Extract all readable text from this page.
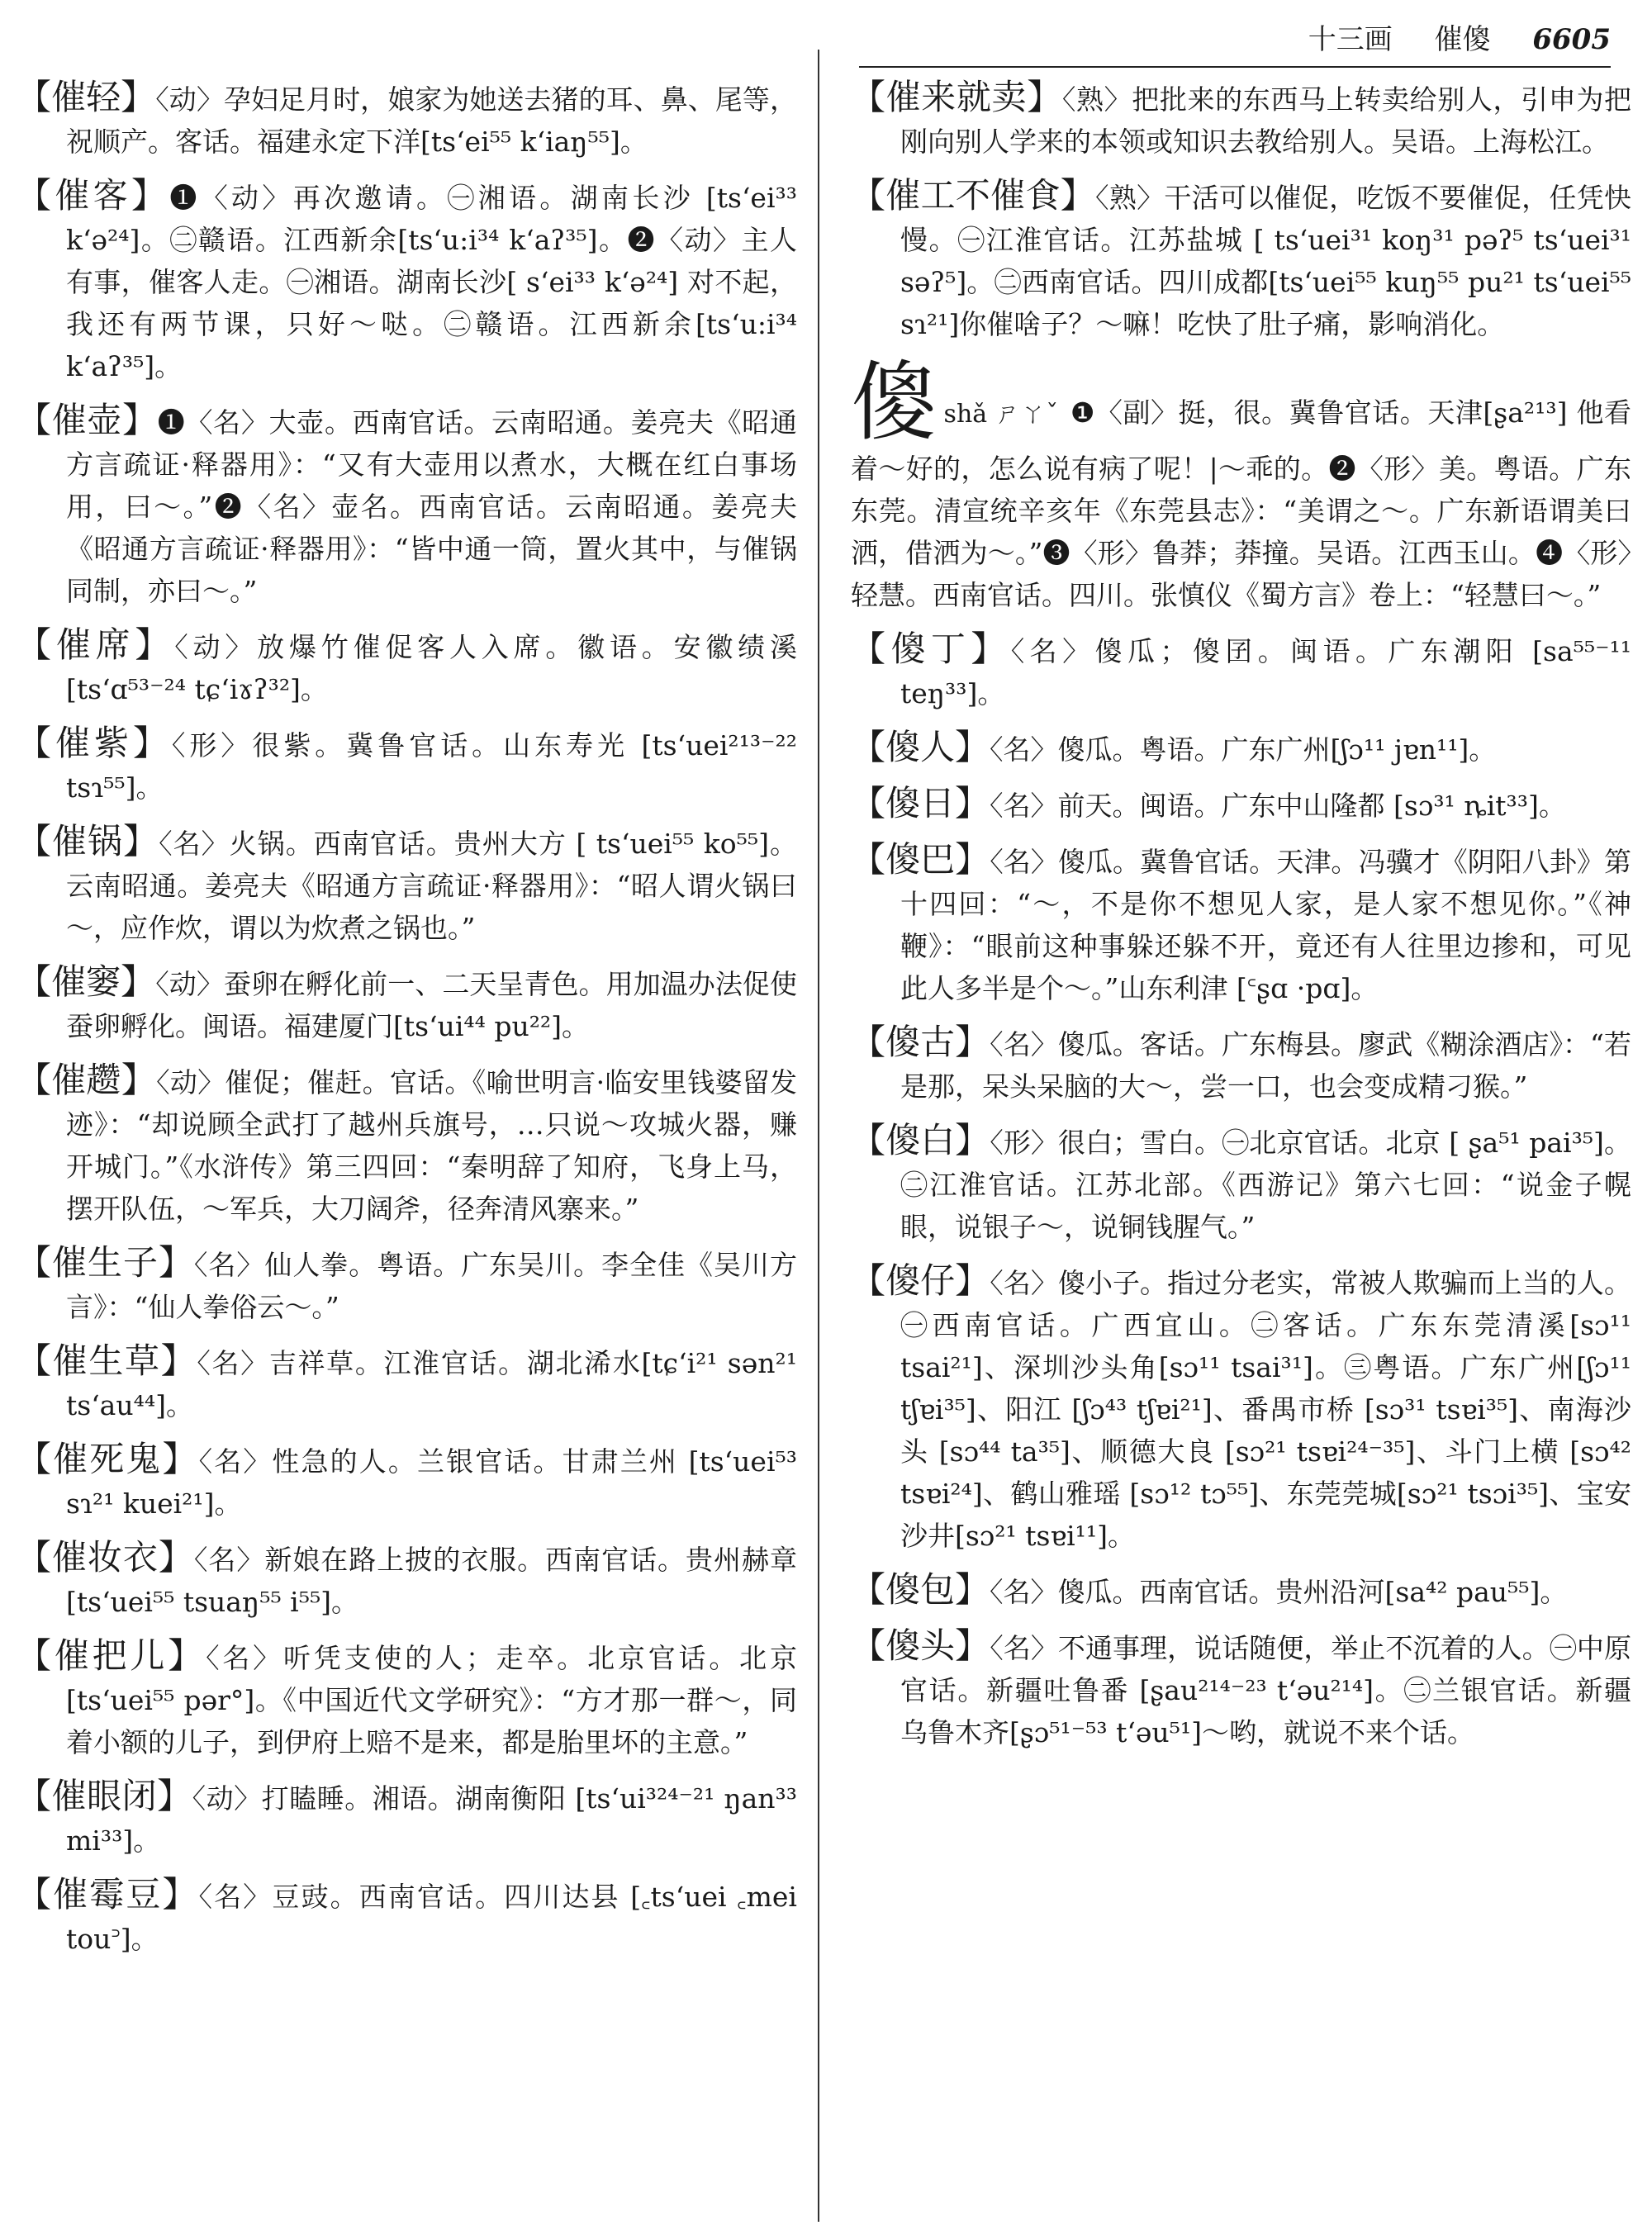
十三画 催傻 6605
【催轻】〈动〉孕妇足月时，娘家为她送去猪的耳、鼻、尾等，祝顺产。客话。福建永定下洋[ts‘ei⁵⁵ k‘iaŋ⁵⁵]。
【催客】❶〈动〉再次邀请。㊀湘语。湖南长沙 [ts‘ei³³ k‘ə²⁴]。㊁赣语。江西新余[ts‘u:i³⁴ k‘aʔ³⁵]。❷〈动〉主人有事，催客人走。㊀湘语。湖南长沙[ s‘ei³³ k‘ə²⁴] 对不起，我还有两节课，只好～哒。㊁赣语。江西新余[ts‘u:i³⁴ k‘aʔ³⁵]。
【催壶】❶〈名〉大壶。西南官话。云南昭通。姜亮夫《昭通方言疏证·释器用》：“又有大壶用以煮水，大概在红白事场用，曰～。”❷〈名〉壶名。西南官话。云南昭通。姜亮夫《昭通方言疏证·释器用》：“皆中通一筒，置火其中，与催锅同制，亦曰～。”
【催席】〈动〉放爆竹催促客人入席。徽语。安徽绩溪 [ts‘ɑ⁵³⁻²⁴ tɕ‘iɤʔ³²]。
【催紫】〈形〉很紫。冀鲁官话。山东寿光 [ts‘uei²¹³⁻²² tsɿ⁵⁵]。
【催锅】〈名〉火锅。西南官话。贵州大方 [ ts‘uei⁵⁵ ko⁵⁵]。云南昭通。姜亮夫《昭通方言疏证·释器用》：“昭人谓火锅曰～，应作炊，谓以为炊煮之锅也。”
【催窭】〈动〉蚕卵在孵化前一、二天呈青色。用加温办法促使蚕卵孵化。闽语。福建厦门[ts‘ui⁴⁴ pu²²]。
【催趱】〈动〉催促；催赶。官话。《喻世明言·临安里钱婆留发迹》：“却说顾全武打了越州兵旗号，…只说～攻城火器，赚开城门。”《水浒传》第三四回：“秦明辞了知府，飞身上马，摆开队伍，～军兵，大刀阔斧，径奔清风寨来。”
【催生子】〈名〉仙人拳。粤语。广东吴川。李全佳《吴川方言》：“仙人拳俗云～。”
【催生草】〈名〉吉祥草。江淮官话。湖北浠水[tɕ‘i²¹ sən²¹ ts‘au⁴⁴]。
【催死鬼】〈名〉性急的人。兰银官话。甘肃兰州 [ts‘uei⁵³ sɿ²¹ kuei²¹]。
【催妆衣】〈名〉新娘在路上披的衣服。西南官话。贵州赫章[ts‘uei⁵⁵ tsuaŋ⁵⁵ i⁵⁵]。
【催把儿】〈名〉听凭支使的人；走卒。北京官话。北京[ts‘uei⁵⁵ pər°]。《中国近代文学研究》：“方才那一群～，同着小额的儿子，到伊府上赔不是来，都是胎里坏的主意。”
【催眼闭】〈动〉打瞌睡。湘语。湖南衡阳 [ts‘ui³²⁴⁻²¹ ŋan³³ mi³³]。
【催霉豆】〈名〉豆豉。西南官话。四川达县 [꜀ts‘uei ꜀mei tou꜄]。
【催来就卖】〈熟〉把批来的东西马上转卖给别人，引申为把刚向别人学来的本领或知识去教给别人。吴语。上海松江。
【催工不催食】〈熟〉干活可以催促，吃饭不要催促，任凭快慢。㊀江淮官话。江苏盐城 [ ts‘uei³¹ koŋ³¹ pəʔ⁵ ts‘uei³¹ səʔ⁵]。㊁西南官话。四川成都[ts‘uei⁵⁵ kuŋ⁵⁵ pu²¹ ts‘uei⁵⁵ sɿ²¹]你催啥子？～嘛！吃快了肚子痛，影响消化。
傻shǎ ㄕㄚˇ ❶〈副〉挺，很。冀鲁官话。天津[ʂa²¹³] 他看着～好的，怎么说有病了呢！|～乖的。❷〈形〉美。粤语。广东东莞。清宣统辛亥年《东莞县志》：“美谓之～。广东新语谓美曰洒，借洒为～。”❸〈形〉鲁莽；莽撞。吴语。江西玉山。❹〈形〉轻慧。西南官话。四川。张慎仪《蜀方言》卷上：“轻慧曰～。”
【傻丁】〈名〉傻瓜；傻囝。闽语。广东潮阳 [sa⁵⁵⁻¹¹ teŋ³³]。
【傻人】〈名〉傻瓜。粤语。广东广州[ʃɔ¹¹ jɐn¹¹]。
【傻日】〈名〉前天。闽语。广东中山隆都 [sɔ³¹ ȵit³³]。
【傻巴】〈名〉傻瓜。冀鲁官话。天津。冯骥才《阴阳八卦》第十四回：“～，不是你不想见人家，是人家不想见你。”《神鞭》：“眼前这种事躲还躲不开，竟还有人往里边掺和，可见此人多半是个～。”山东利津 [꜂ʂɑ ·pɑ]。
【傻古】〈名〉傻瓜。客话。广东梅县。廖武《糊涂酒店》：“若是那，呆头呆脑的大～，尝一口，也会变成精刁猴。”
【傻白】〈形〉很白；雪白。㊀北京官话。北京 [ ʂa⁵¹ pai³⁵]。㊁江淮官话。江苏北部。《西游记》第六七回：“说金子幌眼，说银子～，说铜钱腥气。”
【傻仔】〈名〉傻小子。指过分老实，常被人欺骗而上当的人。㊀西南官话。广西宜山。㊁客话。广东东莞清溪[sɔ¹¹ tsai²¹]、深圳沙头角[sɔ¹¹ tsai³¹]。㊂粤语。广东广州[ʃɔ¹¹ tʃɐi³⁵]、阳江 [ʃɔ⁴³ tʃɐi²¹]、番禺市桥 [sɔ³¹ tsɐi³⁵]、南海沙头 [sɔ⁴⁴ ta³⁵]、顺德大良 [sɔ²¹ tsɐi²⁴⁻³⁵]、斗门上横 [sɔ⁴² tsɐi²⁴]、鹤山雅瑶 [sɔ¹² tɔ⁵⁵]、东莞莞城[sɔ²¹ tsɔi³⁵]、宝安沙井[sɔ²¹ tsɐi¹¹]。
【傻包】〈名〉傻瓜。西南官话。贵州沿河[sa⁴² pau⁵⁵]。
【傻头】〈名〉不通事理，说话随便，举止不沉着的人。㊀中原官话。新疆吐鲁番 [ʂau²¹⁴⁻²³ t‘əu²¹⁴]。㊁兰银官话。新疆乌鲁木齐[ʂɔ⁵¹⁻⁵³ t‘əu⁵¹]～哟，就说不来个话。
